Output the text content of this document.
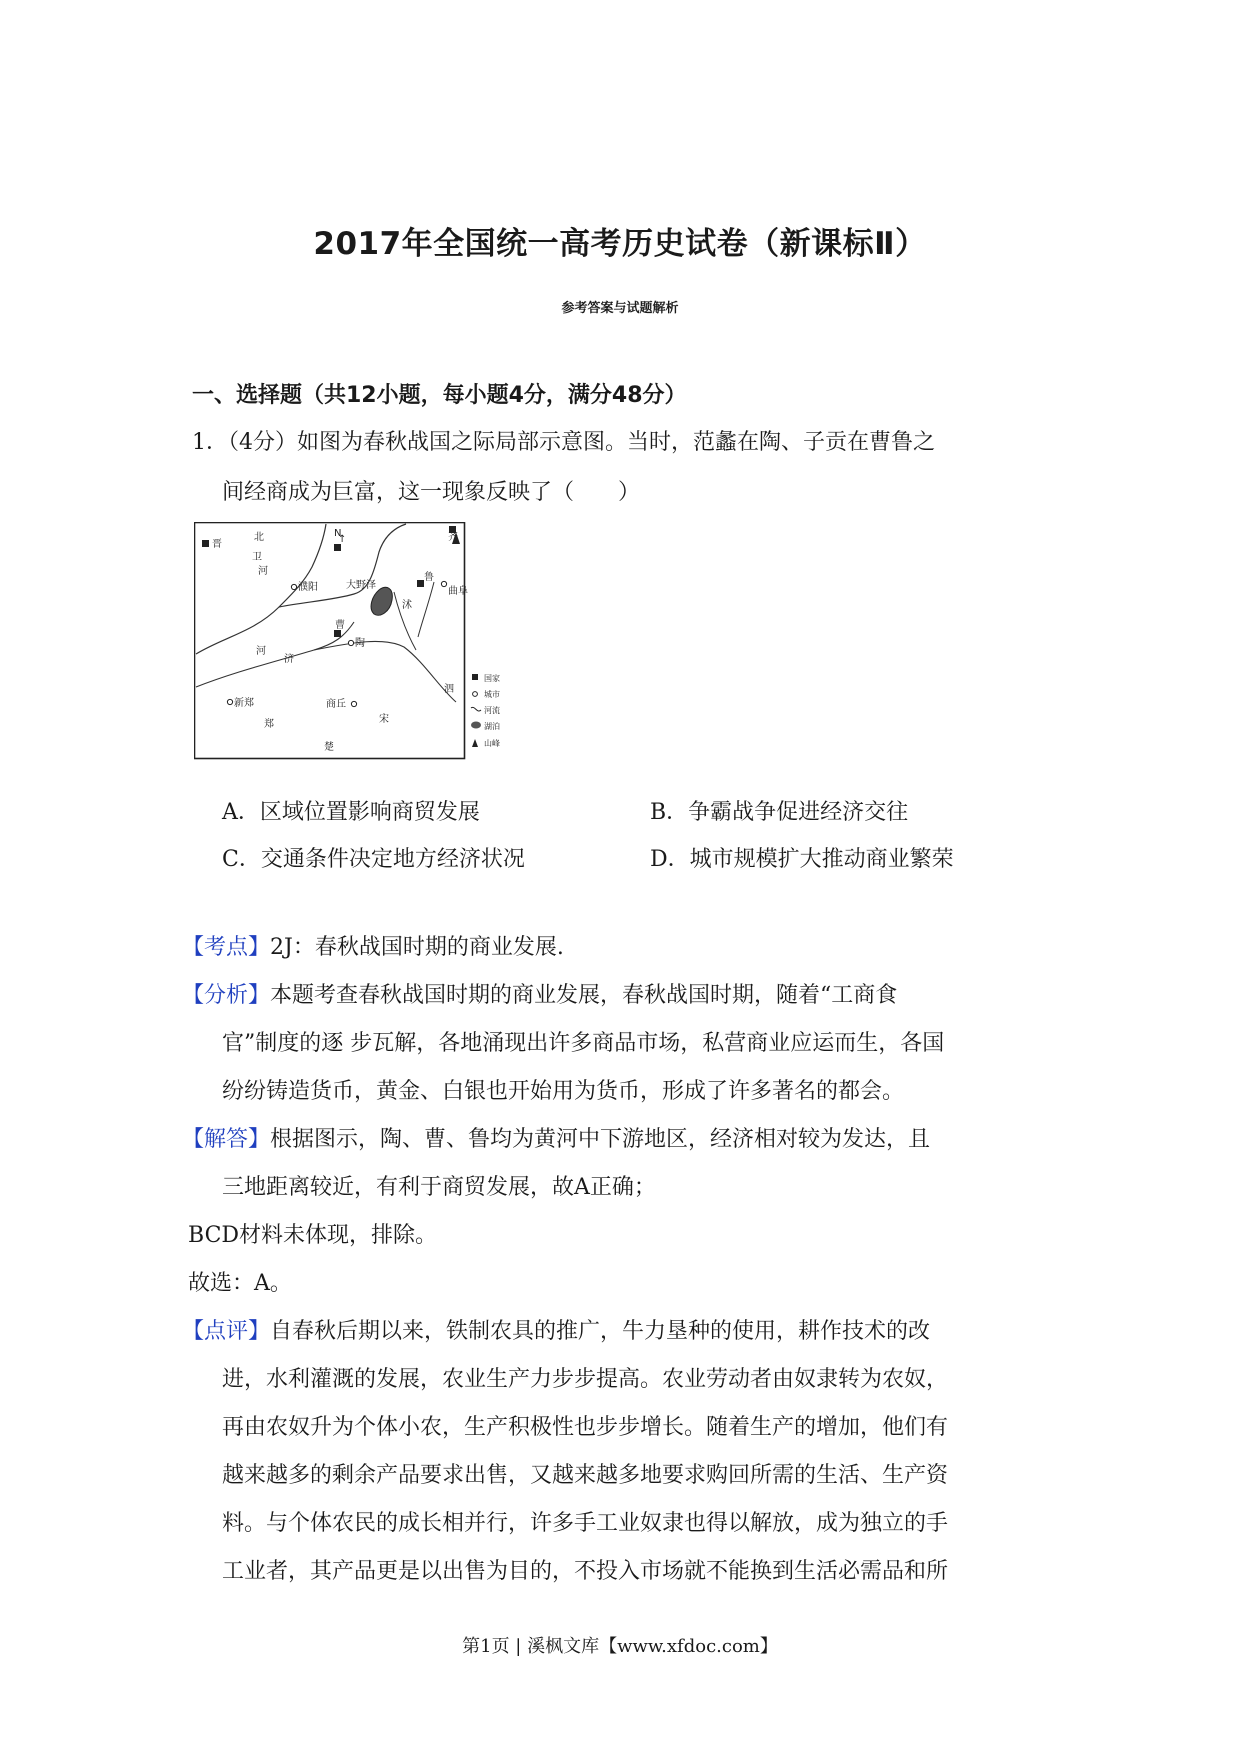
2017年全国统一高考历史试卷（新课标Ⅱ）
参考答案与试题解析
一、选择题（共12小题，每小题4分，满分48分）
1．（4分）如图为春秋战国之际局部示意图。当时，范蠡在陶、子贡在曹鲁之
间经商成为巨富，这一现象反映了（　　）
晋
卫
齐
N
↑
濮阳	大野泽
鲁
曲阜
曹
陶
新郑	商丘
郑	宋
楚
河
济
泗
沭
北
河
国家
城市
河流
湖泊
山峰
A．区域位置影响商贸发展	B．争霸战争促进经济交往
C．交通条件决定地方经济状况	D．城市规模扩大推动商业繁荣
【考点】2J：春秋战国时期的商业发展.
【分析】本题考查春秋战国时期的商业发展，春秋战国时期，随着“工商食
官”制度的逐 步瓦解，各地涌现出许多商品市场，私营商业应运而生，各国
纷纷铸造货币，黄金、白银也开始用为货币，形成了许多著名的都会。
【解答】根据图示，陶、曹、鲁均为黄河中下游地区，经济相对较为发达，且
三地距离较近，有利于商贸发展，故A正确；
BCD材料未体现，排除。
故选：A。
【点评】自春秋后期以来，铁制农具的推广，牛力垦种的使用，耕作技术的改
进，水利灌溉的发展，农业生产力步步提高。农业劳动者由奴隶转为农奴，
再由农奴升为个体小农，生产积极性也步步增长。随着生产的增加，他们有
越来越多的剩余产品要求出售，又越来越多地要求购回所需的生活、生产资
料。与个体农民的成长相并行，许多手工业奴隶也得以解放，成为独立的手
工业者，其产品更是以出售为目的，不投入市场就不能换到生活必需品和所
第1页 | 溪枫文库【www.xfdoc.com】
